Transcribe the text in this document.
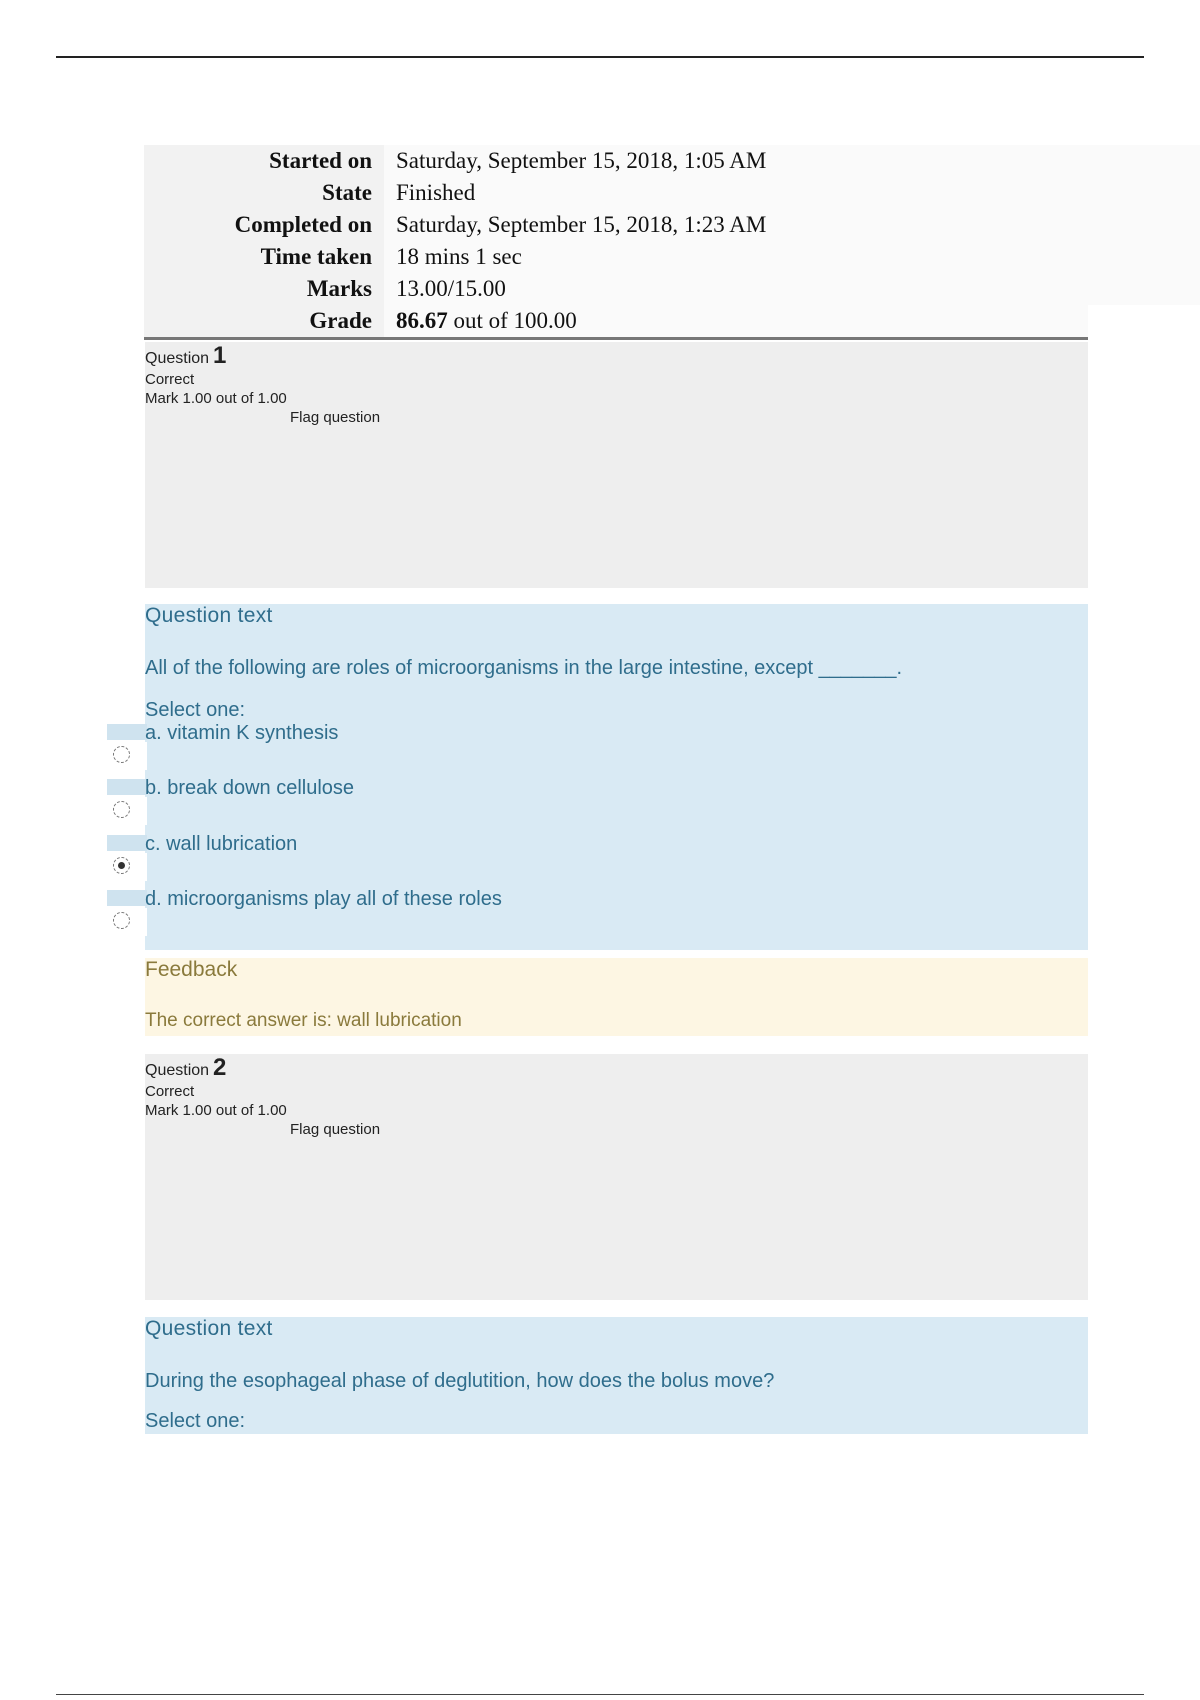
Started on	Saturday, September 15, 2018, 1:05 AM
State	Finished
Completed on	Saturday, September 15, 2018, 1:23 AM
Time taken	18 mins 1 sec
Marks	13.00/15.00
Grade	86.67 out of 100.00
Question 1
Correct
Mark 1.00 out of 1.00
Flag question
Question text
All of the following are roles of microorganisms in the large intestine, except _______.
Select one:
a. vitamin K synthesis
b. break down cellulose
c. wall lubrication
d. microorganisms play all of these roles
Feedback
The correct answer is: wall lubrication
Question 2
Correct
Mark 1.00 out of 1.00
Flag question
Question text
During the esophageal phase of deglutition, how does the bolus move?
Select one:
